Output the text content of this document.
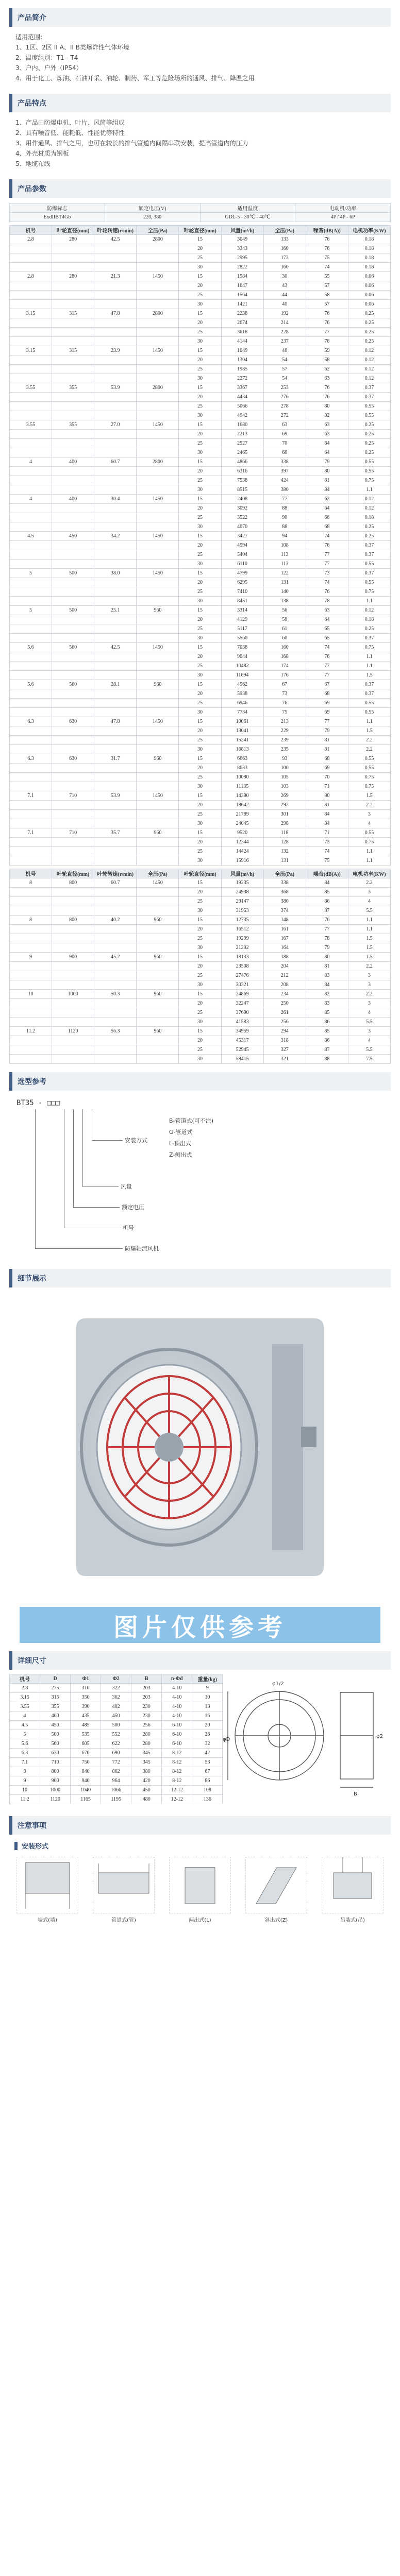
产品简介

适用范围：

1、1区、2区 II A、II B类爆炸性气体环境

2、温度组别：T1 - T4

3、户内、户外（IP54）

4、用于化工、炼油、石油开采、油轮、制药、军工等危险场所的通风、排气、降温之用

产品特点

1、产品由防爆电机、叶片、风筒等组成

2、具有噪音低、能耗低、性能优等特性

3、用作通风、排气之用，也可在较长的排气管道内间隔串联安装，提高管道内的压力

4、外壳材质为钢板

5、地缆布线

产品参数
防爆标志	额定电压(V)	适用温度	电动机/功率
ExdIIBT4Gb	220, 380	GDL-5 - 30℃ - 40℃	4P / 4P - 6P
机号	叶轮直径(mm)	叶轮转速(r/min)	全压(Pa)	叶轮直径(mm)	风量(m³/h)	全压(Pa)	噪音(dB(A))	电机功率(KW)
2.8	280	42.5	2800	15	3049	133	76	0.18
				20	3343	160	76	0.18
				25	2995	173	75	0.18
				30	2822	160	74	0.18
2.8	280	21.3	1450	15	1584	30	55	0.06
				20	1647	43	57	0.06
				25	1564	44	58	0.06
				30	1421	40	57	0.06
3.15	315	47.8	2800	15	2238	192	76	0.25
				20	2674	214	76	0.25
				25	3618	228	77	0.25
				30	4144	237	78	0.25
3.15	315	23.9	1450	15	1049	48	59	0.12
				20	1304	54	58	0.12
				25	1985	57	62	0.12
				30	2272	54	63	0.12
3.55	355	53.9	2800	15	3367	253	76	0.37
				20	4434	276	76	0.37
				25	5066	278	80	0.55
				30	4942	272	82	0.55
3.55	355	27.0	1450	15	1680	63	63	0.25
				20	2213	69	63	0.25
				25	2527	70	64	0.25
				30	2465	68	64	0.25
4	400	60.7	2800	15	4866	338	79	0.55
				20	6316	397	80	0.55
				25	7538	424	81	0.75
				30	8515	380	84	1.1
4	400	30.4	1450	15	2408	77	62	0.12
				20	3092	88	64	0.12
				25	3522	90	66	0.18
				30	4070	88	68	0.25
4.5	450	34.2	1450	15	3427	94	74	0.25
				20	4594	108	76	0.37
				25	5404	113	77	0.37
				30	6110	113	77	0.55
5	500	38.0	1450	15	4799	122	73	0.37
				20	6295	131	74	0.55
				25	7410	140	76	0.75
				30	8451	138	78	1.1
5	500	25.1	960	15	3314	56	63	0.12
				20	4129	58	64	0.18
				25	5117	61	65	0.25
				30	5560	60	65	0.37
5.6	560	42.5	1450	15	7038	160	74	0.75
				20	9044	168	76	1.1
				25	10482	174	77	1.1
				30	11694	176	77	1.5
5.6	560	28.1	960	15	4562	67	67	0.37
				20	5938	73	68	0.37
				25	6946	76	69	0.55
				30	7734	75	69	0.55
6.3	630	47.8	1450	15	10061	213	77	1.1
				20	13041	229	79	1.5
				25	15241	239	81	2.2
				30	16813	235	81	2.2
6.3	630	31.7	960	15	6663	93	68	0.55
				20	8633	100	69	0.55
				25	10090	105	70	0.75
				30	11135	103	71	0.75
7.1	710	53.9	1450	15	14380	269	80	1.5
				20	18642	292	81	2.2
				25	21789	301	84	3
				30	24045	298	84	4
7.1	710	35.7	960	15	9520	118	71	0.55
				20	12344	128	73	0.75
				25	14424	132	74	1.1
				30	15916	131	75	1.1
机号	叶轮直径(mm)	叶轮转速(r/min)	全压(Pa)	叶轮直径(mm)	风量(m³/h)	全压(Pa)	噪音(dB(A))	电机功率(KW)
8	800	60.7	1450	15	19235	338	84	2.2
				20	24938	368	85	3
				25	29147	380	86	4
				30	31953	374	87	5.5
8	800	40.2	960	15	12735	148	76	1.1
				20	16512	161	77	1.1
				25	19299	167	78	1.5
				30	21292	164	79	1.5
9	900	45.2	960	15	18133	188	80	1.5
				20	23508	204	81	2.2
				25	27476	212	83	3
				30	30321	208	84	3
10	1000	50.3	960	15	24869	234	82	2.2
				20	32247	250	83	3
				25	37690	261	85	4
				30	41583	256	86	5.5
11.2	1120	56.3	960	15	34959	294	85	3
				20	45317	318	86	4
				25	52945	327	87	5.5
				30	58415	321	88	7.5
选型参考
BT35 - □□□
安装方式
B-管道式(可不注)
G-管道式
L-顶出式
Z-侧出式
风量
额定电压
机号
防爆轴流风机
细节展示
图片仅供参考
详细尺寸
机号	D	Φ1	Φ2	B	n-Φd	重量(kg)
2.8	275	310	322	203	4-10	9
3.15	315	350	362	203	4-10	10
3.55	355	390	402	230	4-10	13
4	400	435	450	230	4-10	16
4.5	450	485	500	256	6-10	20
5	500	535	552	280	6-10	26
5.6	560	605	622	280	6-10	32
6.3	630	670	690	345	8-12	42
7.1	710	750	772	345	8-12	53
8	800	840	862	380	8-12	67
9	900	940	964	420	8-12	86
10	1000	1040	1066	450	12-12	108
11.2	1120	1165	1195	480	12-12	136
φ1/2
φD
φ2
B
注意事项
安装形式
墙式(墙)	管道式(管)	两出式(L)	斜出式(Z)	吊装式(吊)
